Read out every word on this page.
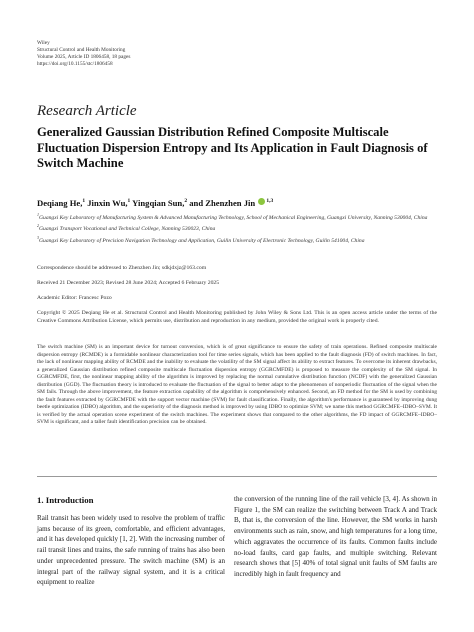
Wiley
Structural Control and Health Monitoring
Volume 2025, Article ID 1806458, 18 pages
https://doi.org/10.1155/stc/1806458
Research Article
Generalized Gaussian Distribution Refined Composite Multiscale Fluctuation Dispersion Entropy and Its Application in Fault Diagnosis of Switch Machine
Deqiang He,$^1$ Jinxin Wu,$^1$ Yingqian Sun,$^2$ and Zhenzhen Jin $^{1,3}$
$^1$Guangxi Key Laboratory of Manufacturing System & Advanced Manufacturing Technology, School of Mechanical Engineering, Guangxi University, Nanning 530004, China
$^2$Guangxi Transport Vocational and Technical College, Nanning 530023, China
$^3$Guangxi Key Laboratory of Precision Navigation Technology and Application, Guilin University of Electronic Technology, Guilin 541004, China
Correspondence should be addressed to Zhenzhen Jin; sdkjdxjz@163.com
Received 21 December 2023; Revised 28 June 2024; Accepted 6 February 2025
Academic Editor: Francesc Pozo
Copyright © 2025 Deqiang He et al. Structural Control and Health Monitoring published by John Wiley & Sons Ltd. This is an open access article under the terms of the Creative Commons Attribution License, which permits use, distribution and reproduction in any medium, provided the original work is properly cited.
The switch machine (SM) is an important device for turnout conversion, which is of great significance to ensure the safety of train operations. Refined composite multiscale dispersion entropy (RCMDE) is a formidable nonlinear characterization tool for time series signals, which has been applied to the fault diagnosis (FD) of switch machines. In fact, the lack of nonlinear mapping ability of RCMDE and the inability to evaluate the volatility of the SM signal affect its ability to extract features. To overcome its inherent drawbacks, a generalized Gaussian distribution refined composite multiscale fluctuation dispersion entropy (GGRCMFDE) is proposed to measure the complexity of the SM signal. In GGRCMFDE, first, the nonlinear mapping ability of the algorithm is improved by replacing the normal cumulative distribution function (NCDF) with the generalized Gaussian distribution (GGD). The fluctuation theory is introduced to evaluate the fluctuation of the signal to better adapt to the phenomenon of nonperiodic fluctuation of the signal when the SM fails. Through the above improvement, the feature extraction capability of the algorithm is comprehensively enhanced. Second, an FD method for the SM is used by combining the fault features extracted by GGRCMFDE with the support vector machine (SVM) for fault classification. Finally, the algorithm's performance is guaranteed by improving dung beetle optimization (IDBO) algorithm, and the superiority of the diagnosis method is improved by using IDBO to optimize SVM; we name this method GGRCMFE–IDBO–SVM. It is verified by the actual operation scene experiment of the switch machines. The experiment shows that compared to the other algorithms, the FD impact of GGRCMFE–IDBO–SVM is significant, and a taller fault identification precision can be obtained.
1. Introduction
Rail transit has been widely used to resolve the problem of traffic jams because of its green, comfortable, and efficient advantages, and it has developed quickly [1, 2]. With the increasing number of rail transit lines and trains, the safe running of trains has also been under unprecedented pressure. The switch machine (SM) is an integral part of the railway signal system, and it is a critical equipment to realize
the conversion of the running line of the rail vehicle [3, 4]. As shown in Figure 1, the SM can realize the switching between Track A and Track B, that is, the conversion of the line. However, the SM works in harsh environments such as rain, snow, and high temperatures for a long time, which aggravates the occurrence of its faults. Common faults include no-load faults, card gap faults, and multiple switching. Relevant research shows that [5] 40% of total signal unit faults of SM faults are incredibly high in fault frequency and
